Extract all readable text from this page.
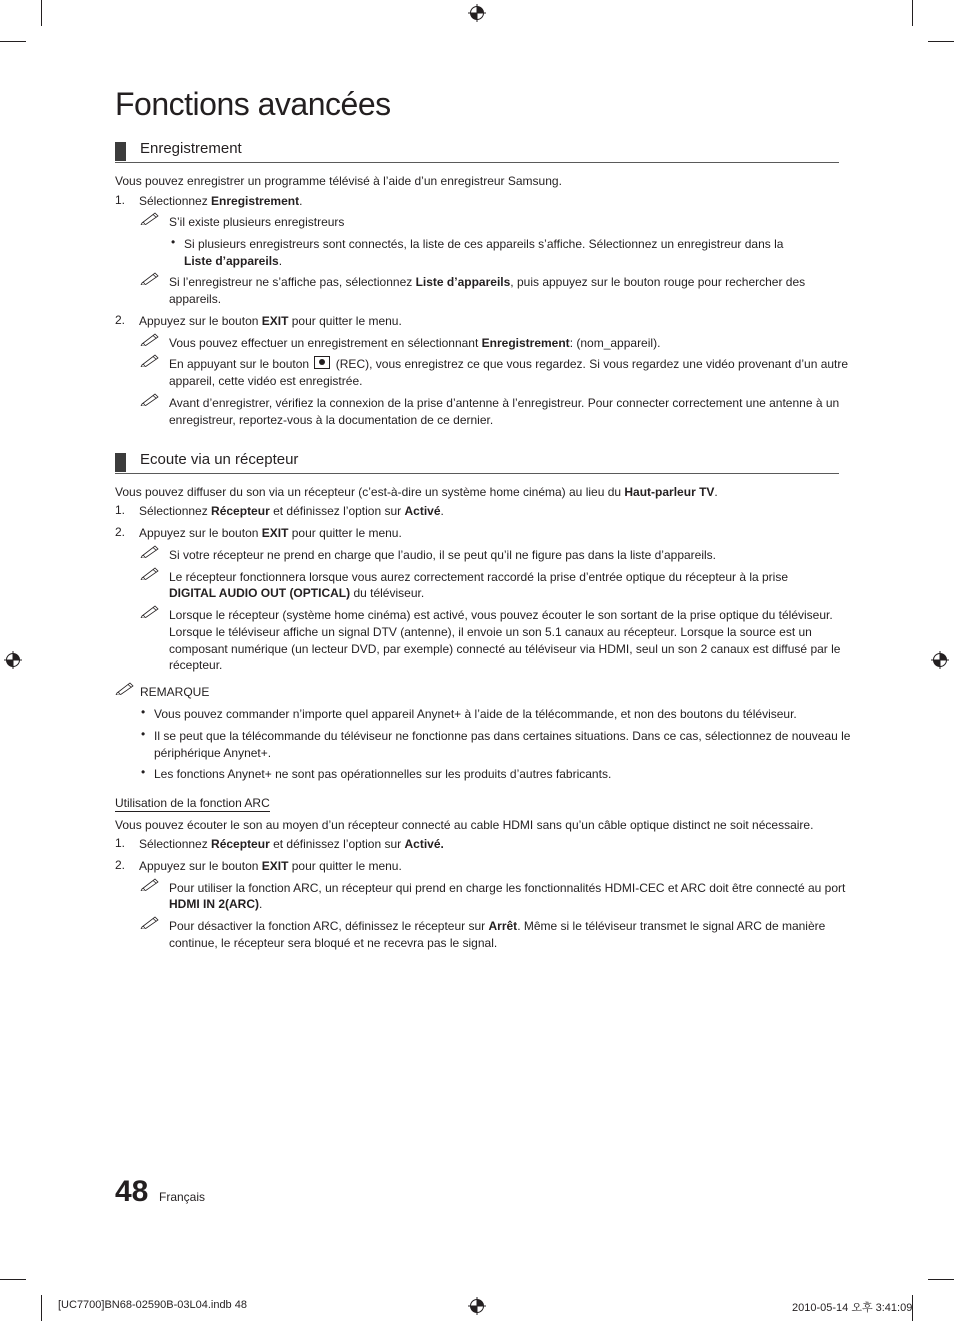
Fonctions avancées
Enregistrement
Vous pouvez enregistrer un programme télévisé à l’aide d’un enregistreur Samsung.
1. Sélectionnez Enregistrement.
S’il existe plusieurs enregistreurs
• Si plusieurs enregistreurs sont connectés, la liste de ces appareils s’affiche. Sélectionnez un enregistreur dans la
Liste d’appareils.
Si l’enregistreur ne s’affiche pas, sélectionnez Liste d’appareils, puis appuyez sur le bouton rouge pour rechercher des
appareils.
2. Appuyez sur le bouton EXIT pour quitter le menu.
Vous pouvez effectuer un enregistrement en sélectionnant Enregistrement: (nom_appareil).
En appuyant sur le bouton  (REC), vous enregistrez ce que vous regardez. Si vous regardez une vidéo provenant d’un autre
appareil, cette vidéo est enregistrée.
Avant d’enregistrer, vérifiez la connexion de la prise d’antenne à l’enregistreur. Pour connecter correctement une antenne à un
enregistreur, reportez-vous à la documentation de ce dernier.
Ecoute via un récepteur
Vous pouvez diffuser du son via un récepteur (c’est-à-dire un système home cinéma) au lieu du Haut-parleur TV.
1. Sélectionnez Récepteur et définissez l’option sur Activé.
2. Appuyez sur le bouton EXIT pour quitter le menu.
Si votre récepteur ne prend en charge que l’audio, il se peut qu’il ne figure pas dans la liste d’appareils.
Le récepteur fonctionnera lorsque vous aurez correctement raccordé la prise d’entrée optique du récepteur à la prise
DIGITAL AUDIO OUT (OPTICAL) du téléviseur.
Lorsque le récepteur (système home cinéma) est activé, vous pouvez écouter le son sortant de la prise optique du téléviseur.
Lorsque le téléviseur affiche un signal DTV (antenne), il envoie un son 5.1 canaux au récepteur. Lorsque la source est un
composant numérique (un lecteur DVD, par exemple) connecté au téléviseur via HDMI, seul un son 2 canaux est diffusé par le
récepteur.
REMARQUE
• Vous pouvez commander n’importe quel appareil Anynet+ à l’aide de la télécommande, et non des boutons du téléviseur.
• Il se peut que la télécommande du téléviseur ne fonctionne pas dans certaines situations. Dans ce cas, sélectionnez de nouveau le
périphérique Anynet+.
• Les fonctions Anynet+ ne sont pas opérationnelles sur les produits d’autres fabricants.
Utilisation de la fonction ARC
Vous pouvez écouter le son au moyen d’un récepteur connecté au cable HDMI sans qu’un câble optique distinct ne soit nécessaire.
1. Sélectionnez Récepteur et définissez l’option sur Activé.
2. Appuyez sur le bouton EXIT pour quitter le menu.
Pour utiliser la fonction ARC, un récepteur qui prend en charge les fonctionnalités HDMI-CEC et ARC doit être connecté au port
HDMI IN 2(ARC).
Pour désactiver la fonction ARC, définissez le récepteur sur Arrêt. Même si le téléviseur transmet le signal ARC de manière
continue, le récepteur sera bloqué et ne recevra pas le signal.
48 Français
[UC7700]BN68-02590B-03L04.indb 48	2010-05-14 오후 3:41:09
